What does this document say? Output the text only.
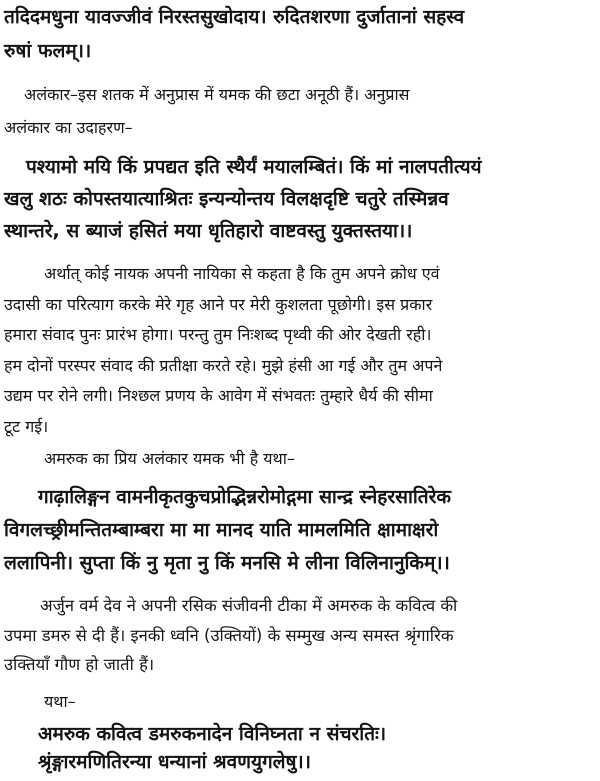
तदिदमधुना यावज्जीवं निरस्तसुखोदाय। रुदितशरणा दुर्जातानां सहस्व
रुषां फलम्।।
अलंकार–इस शतक में अनुप्रास में यमक की छटा अनूठी हैं। अनुप्रास
अलंकार का उदाहरण–
पश्यामो मयि किं प्रपद्यत इति स्थैर्यं मयालम्बितं। किं मां नालपतीत्ययं
खलु शठः कोपस्तयात्याश्रितः इन्यन्योन्तय विलक्षदृष्टि चतुरे तस्मिन्नव
स्थान्तरे, स ब्याजं हसितं मया धृतिहारो वाष्टवस्तु युक्तस्तया।।
अर्थात् कोई नायक अपनी नायिका से कहता है कि तुम अपने क्रोध एवं
उदासी का परित्याग करके मेरे गृह आने पर मेरी कुशलता पूछोगी। इस प्रकार
हमारा संवाद पुनः प्रारंभ होगा। परन्तु तुम निःशब्द पृथ्वी की ओर देखती रही।
हम दोनों परस्पर संवाद की प्रतीक्षा करते रहे। मुझे हंसी आ गई और तुम अपने
उद्यम पर रोने लगी। निश्छल प्रणय के आवेग में संभवतः तुम्हारे धैर्य की सीमा
टूट गई।
अमरुक का प्रिय अलंकार यमक भी है यथा–
गाढ़ालिङ्गन वामनीकृतकुचप्रोद्भिन्नरोमोद्गमा सान्द्र स्नेहरसातिरेक
विगलच्छ्रीमन्तितम्बाम्बरा मा मा मानद याति मामलमिति क्षामाक्षरो
ललापिनी। सुप्ता किं नु मृता नु किं मनसि मे लीना विलिनानुकिम्।।
अर्जुन वर्म देव ने अपनी रसिक संजीवनी टीका में अमरुक के कवित्व की
उपमा डमरु से दी हैं। इनकी ध्वनि (उक्तियों) के सम्मुख अन्य समस्त श्रृंगारिक
उक्तियाँ गौण हो जाती हैं।
यथा–
अमरुक कवित्व डमरुकनादेन विनिघ्नता न संचरतिः।
श्रृंङ्गारमणितिरन्या धन्यानां श्रवणयुगलेषु।।
